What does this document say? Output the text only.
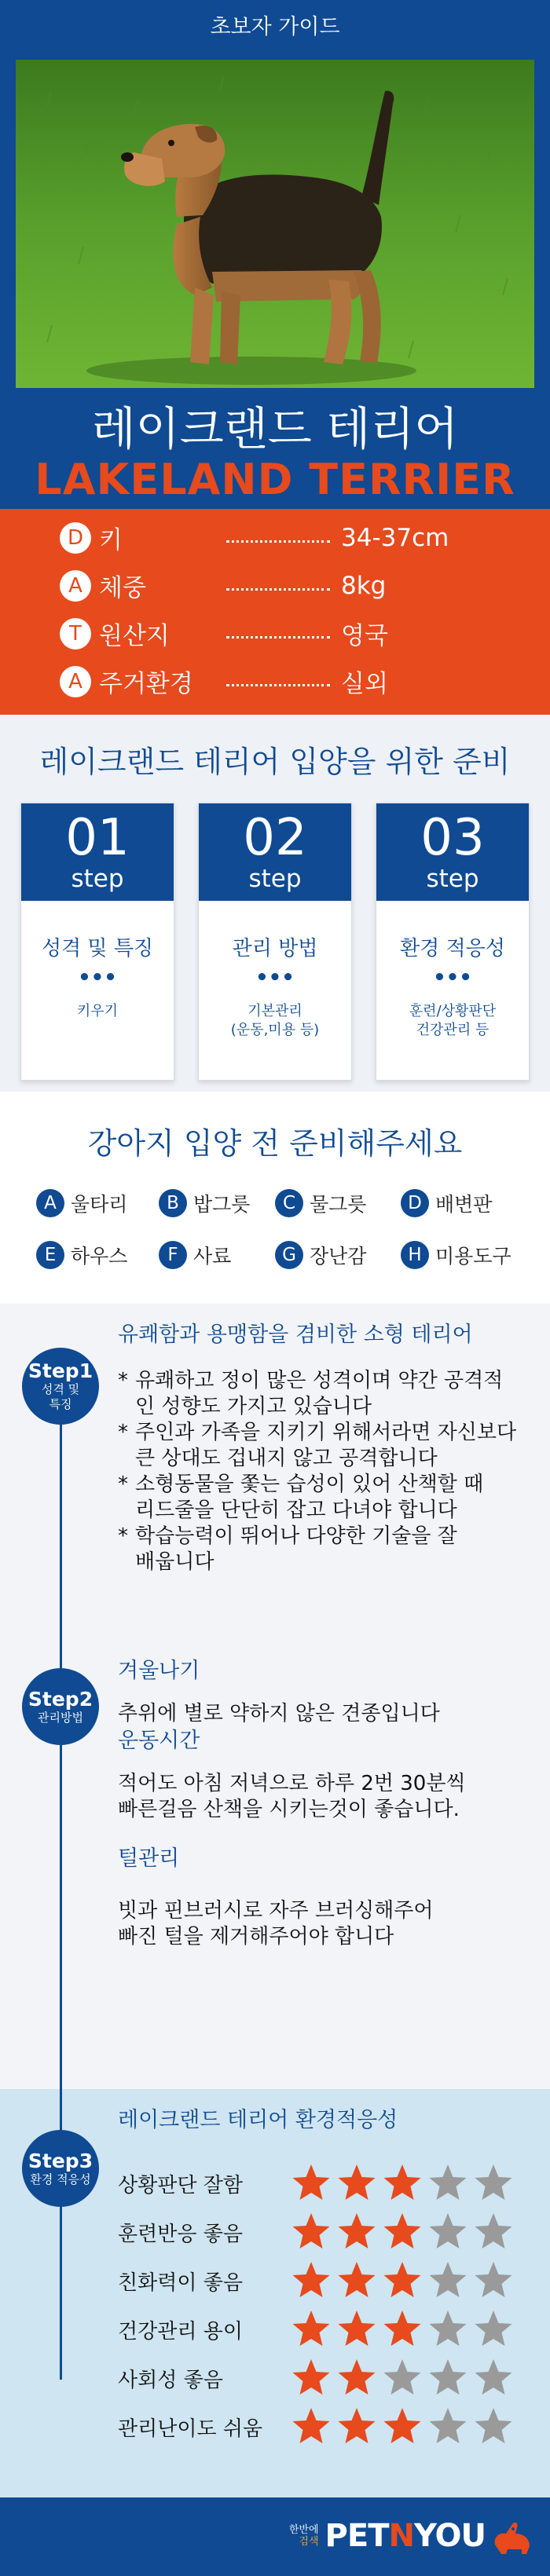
초보자 가이드
레이크랜드 테리어
LAKELAND TERRIER
D 키	34-37cm
A 체중	8kg
T 원산지	영국
A 주거환경	실외
레이크랜드 테리어 입양을 위한 준비
01
step
성격 및 특징
•••
키우기
02
step
관리 방법
•••
기본관리
(운동,미용 등)
03
step
환경 적응성
•••
훈련/상황판단
건강관리 등
강아지 입양 전 준비해주세요
A 울타리	B 밥그릇	C 물그릇	D 배변판
E 하우스	F 사료	G 장난감	H 미용도구
Step1
성격 및
특징
유쾌함과 용맹함을 겸비한 소형 테리어
* 유쾌하고 정이 많은 성격이며 약간 공격적
인 성향도 가지고 있습니다
* 주인과 가족을 지키기 위해서라면 자신보다
큰 상대도 겁내지 않고 공격합니다
* 소형동물을 쫓는 습성이 있어 산책할 때
리드줄을 단단히 잡고 다녀야 합니다
* 학습능력이 뛰어나 다양한 기술을 잘
배웁니다
Step2
관리방법
겨울나기
추위에 별로 약하지 않은 견종입니다
운동시간
적어도 아침 저녁으로 하루 2번 30분씩
빠른걸음 산책을 시키는것이 좋습니다.
털관리
빗과 핀브러시로 자주 브러싱해주어
빠진 털을 제거해주어야 합니다
Step3
환경 적응성
레이크랜드 테리어 환경적응성
상황판단 잘함
훈련반응 좋음
친화력이 좋음
건강관리 용이
사회성 좋음
관리난이도 쉬움
한반에
검색 PETNYOU
